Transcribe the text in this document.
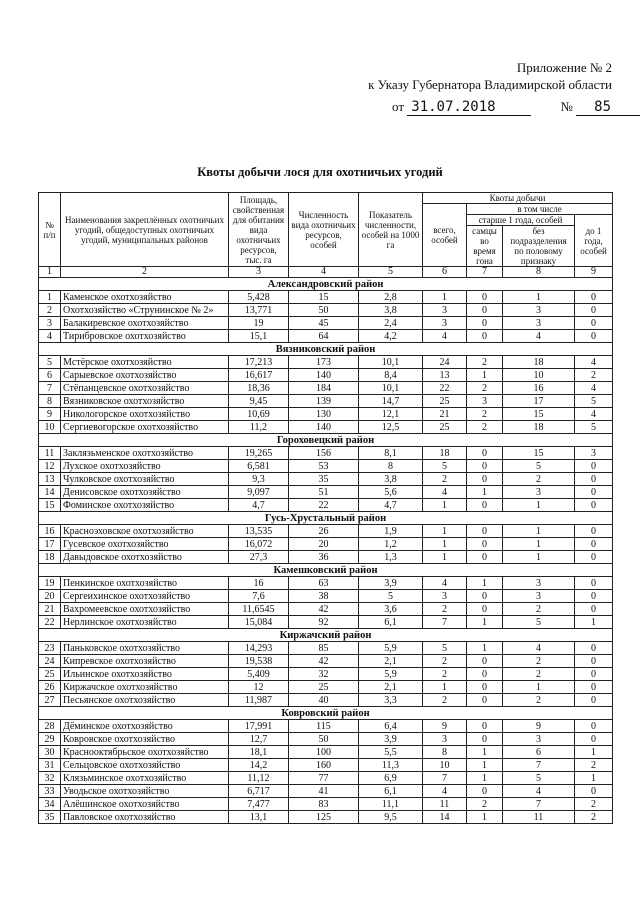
Приложение № 2
к Указу Губернатора Владимирской области
от 31.07.2018	№ 85
Квоты добычи лося для охотничьих угодий
№ п/п	Наименования закреплённых охотничьих угодий, общедоступных охотничьих угодий, муниципальных районов	Площадь, свойственная для обитания вида охотничьих ресурсов, тыс. га	Численность вида охотничьих ресурсов, особей	Показатель численности, особей на 1000 га	Квоты добычи			
					всего, особей	в том числе		
						старше 1 года, особей		до 1 года, особей
						самцы во время гона	без подразделения по половому признаку	
1	2	3	4	5	6	7	8	9
Александровский район								
1	Каменское охотхозяйство	5,428	15	2,8	1	0	1	0
2	Охотхозяйство «Струнинское № 2»	13,771	50	3,8	3	0	3	0
3	Балакиревское охотхозяйство	19	45	2,4	3	0	3	0
4	Тирибровское охотхозяйство	15,1	64	4,2	4	0	4	0
Вязниковский район								
5	Мстёрское охотхозяйство	17,213	173	10,1	24	2	18	4
6	Сарыевское охотхозяйство	16,617	140	8,4	13	1	10	2
7	Стёпанцевское охотхозяйство	18,36	184	10,1	22	2	16	4
8	Вязниковское охотхозяйство	9,45	139	14,7	25	3	17	5
9	Никологорское охотхозяйство	10,69	130	12,1	21	2	15	4
10	Сергиевогорское охотхозяйство	11,2	140	12,5	25	2	18	5
Гороховецкий район								
11	Заклязьменское охотхозяйство	19,265	156	8,1	18	0	15	3
12	Лухское охотхозяйство	6,581	53	8	5	0	5	0
13	Чулковское охотхозяйство	9,3	35	3,8	2	0	2	0
14	Денисовское охотхозяйство	9,097	51	5,6	4	1	3	0
15	Фоминское охотхозяйство	4,7	22	4,7	1	0	1	0
Гусь-Хрустальный район								
16	Красноэховское охотхозяйство	13,535	26	1,9	1	0	1	0
17	Гусевское охотхозяйство	16,072	20	1,2	1	0	1	0
18	Давыдовское охотхозяйство	27,3	36	1,3	1	0	1	0
Камешковский район								
19	Пенкинское охотхозяйство	16	63	3,9	4	1	3	0
20	Сергеихинское охотхозяйство	7,6	38	5	3	0	3	0
21	Вахромеевское охотхозяйство	11,6545	42	3,6	2	0	2	0
22	Нерлинское охотхозяйство	15,084	92	6,1	7	1	5	1
Киржачский район								
23	Паньковское охотхозяйство	14,293	85	5,9	5	1	4	0
24	Кипревское охотхозяйство	19,538	42	2,1	2	0	2	0
25	Ильинское охотхозяйство	5,409	32	5,9	2	0	2	0
26	Киржачское охотхозяйство	12	25	2,1	1	0	1	0
27	Песьянское охотхозяйство	11,987	40	3,3	2	0	2	0
Ковровский район								
28	Дёминское охотхозяйство	17,991	115	6,4	9	0	9	0
29	Ковровское охотхозяйство	12,7	50	3,9	3	0	3	0
30	Краснооктябрьское охотхозяйство	18,1	100	5,5	8	1	6	1
31	Сельцовское охотхозяйство	14,2	160	11,3	10	1	7	2
32	Клязьминское охотхозяйство	11,12	77	6,9	7	1	5	1
33	Уводьское охотхозяйство	6,717	41	6,1	4	0	4	0
34	Алёшинское охотхозяйство	7,477	83	11,1	11	2	7	2
35	Павловское охотхозяйство	13,1	125	9,5	14	1	11	2
